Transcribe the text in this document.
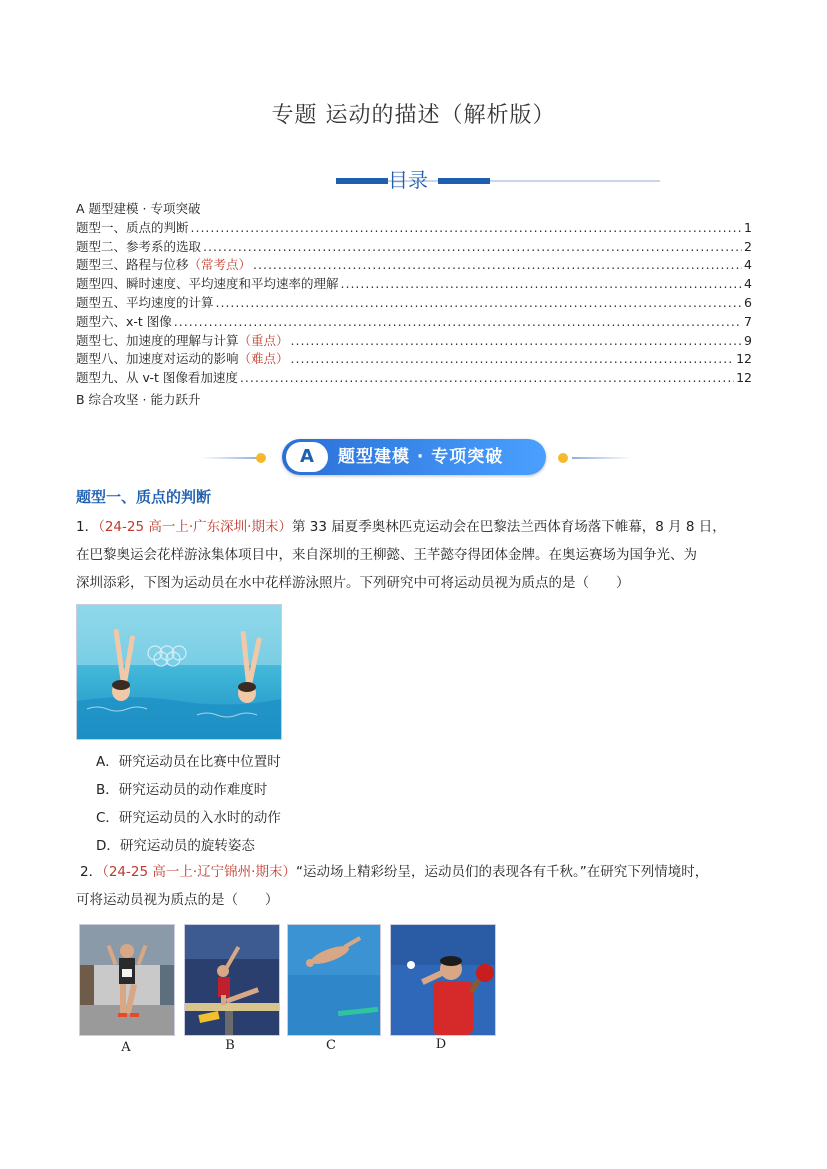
专题 运动的描述（解析版）
目录
A 题型建模 · 专项突破
题型一、质点的判断 .....	1
题型二、参考系的选取 .....	2
题型三、路程与位移 （常考点） .....	4
题型四、瞬时速度、平均速度和平均速率的理解 .....	4
题型五、平均速度的计算 .....	6
题型六、x-t 图像 .....	7
题型七、加速度的理解与计算 （重点） .....	9
题型八、加速度对运动的影响 （难点） .....	12
题型九、从 v-t 图像看加速度 .....	12
B 综合攻坚 · 能力跃升
A	题型建模 · 专项突破
题型一、质点的判断
1．（24-25 高一上·广东深圳·期末）第 33 届夏季奥林匹克运动会在巴黎法兰西体育场落下帷幕，8 月 8 日，
在巴黎奥运会花样游泳集体项目中，来自深圳的王柳懿、王芊懿夺得团体金牌。在奥运赛场为国争光、为
深圳添彩，下图为运动员在水中花样游泳照片。下列研究中可将运动员视为质点的是（　　）
A．研究运动员在比赛中位置时
B．研究运动员的动作难度时
C．研究运动员的入水时的动作
D．研究运动员的旋转姿态
2．（24-25 高一上·辽宁锦州·期末）“运动场上精彩纷呈，运动员们的表现各有千秋。”在研究下列情境时，
可将运动员视为质点的是（　　）
A	B	C	D
